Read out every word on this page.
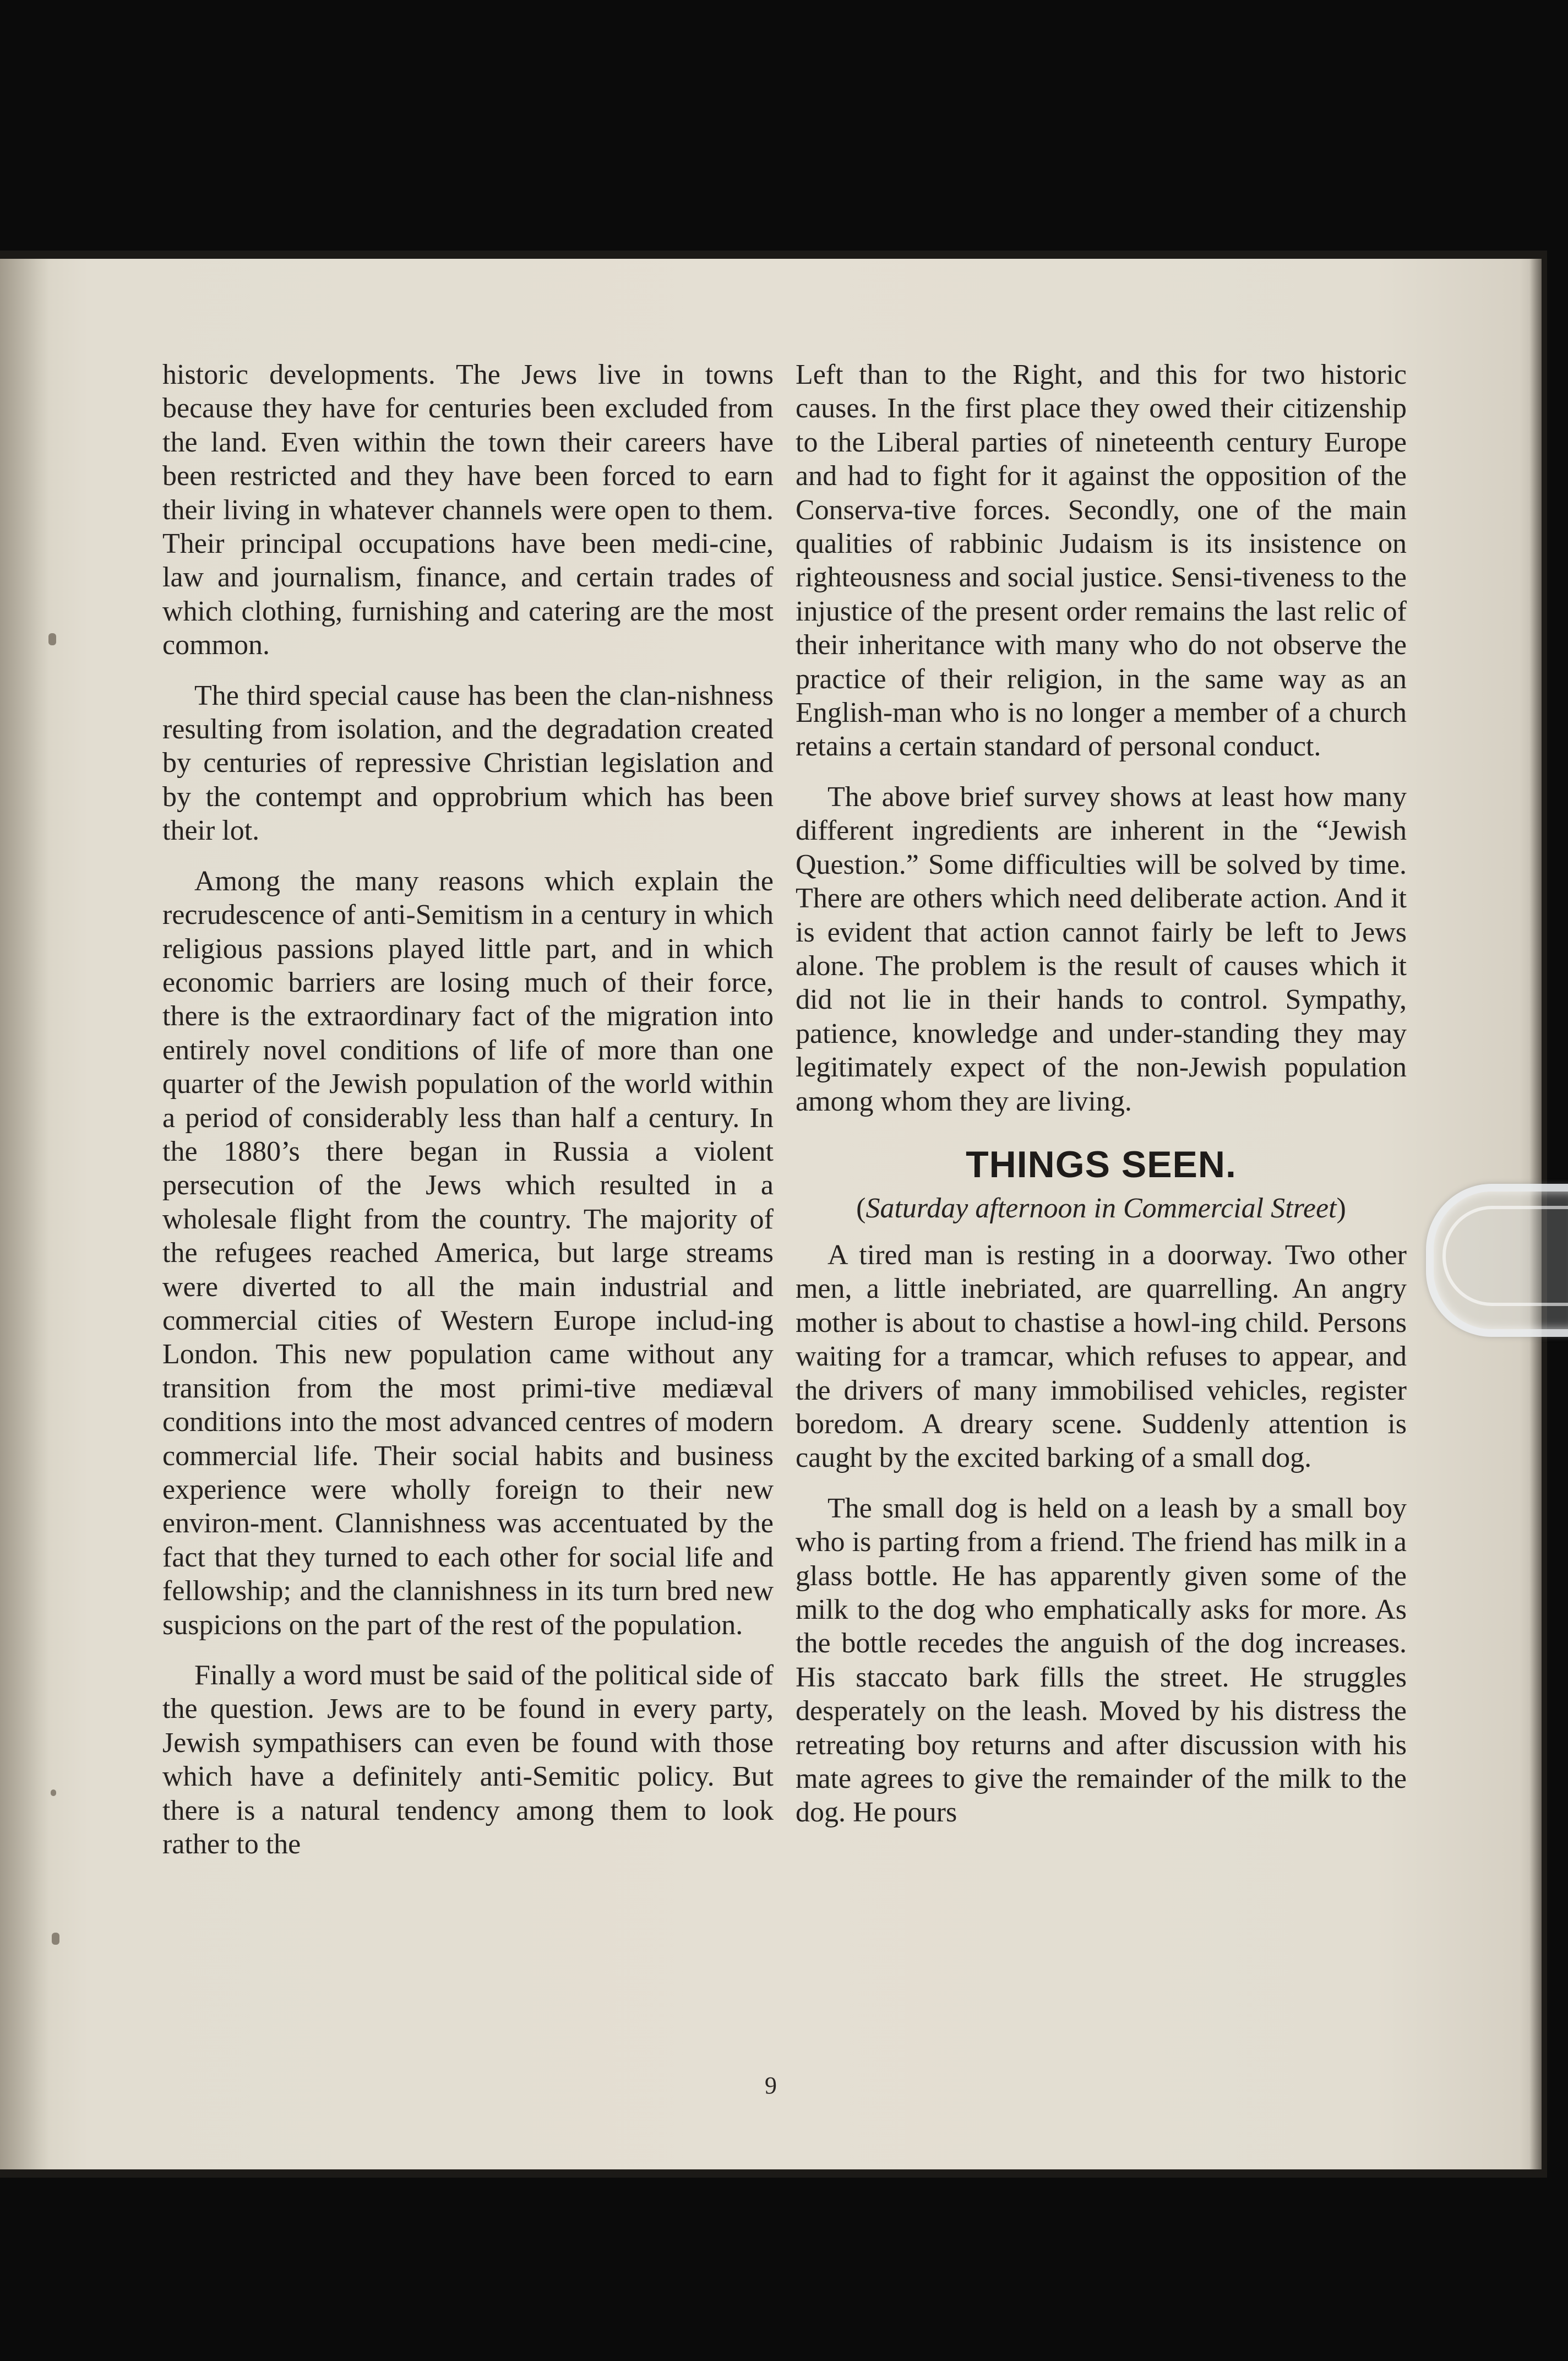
historic developments. The Jews live in towns because they have for centuries been excluded from the land. Even within the town their careers have been restricted and they have been forced to earn their living in whatever channels were open to them. Their principal occupations have been medi‐cine, law and journalism, finance, and certain trades of which clothing, furnishing and catering are the most common.

The third special cause has been the clan‐nishness resulting from isolation, and the degradation created by centuries of repressive Christian legislation and by the contempt and opprobrium which has been their lot.

Among the many reasons which explain the recrudescence of anti‐Semitism in a century in which religious passions played little part, and in which economic barriers are losing much of their force, there is the extraordinary fact of the migration into entirely novel conditions of life of more than one quarter of the Jewish population of the world within a period of considerably less than half a century. In the 1880’s there began in Russia a violent persecution of the Jews which resulted in a wholesale flight from the country. The majority of the refugees reached America, but large streams were diverted to all the main industrial and commercial cities of Western Europe includ‐ing London. This new population came without any transition from the most primi‐tive mediæval conditions into the most advanced centres of modern commercial life. Their social habits and business experience were wholly foreign to their new environ‐ment. Clannishness was accentuated by the fact that they turned to each other for social life and fellowship; and the clannishness in its turn bred new suspicions on the part of the rest of the population.

Finally a word must be said of the political side of the question. Jews are to be found in every party, Jewish sympathisers can even be found with those which have a definitely anti‐Semitic policy. But there is a natural tendency among them to look rather to the

Left than to the Right, and this for two historic causes. In the first place they owed their citizenship to the Liberal parties of nineteenth century Europe and had to fight for it against the opposition of the Conserva‐tive forces. Secondly, one of the main qualities of rabbinic Judaism is its insistence on righteousness and social justice. Sensi‐tiveness to the injustice of the present order remains the last relic of their inheritance with many who do not observe the practice of their religion, in the same way as an English‐man who is no longer a member of a church retains a certain standard of personal conduct.

The above brief survey shows at least how many different ingredients are inherent in the “Jewish Question.” Some difficulties will be solved by time. There are others which need deliberate action. And it is evident that action cannot fairly be left to Jews alone. The problem is the result of causes which it did not lie in their hands to control. Sympathy, patience, knowledge and under‐standing they may legitimately expect of the non‐Jewish population among whom they are living.

THINGS SEEN.
(Saturday afternoon in Commercial Street)

A tired man is resting in a doorway. Two other men, a little inebriated, are quarrelling. An angry mother is about to chastise a howl‐ing child. Persons waiting for a tramcar, which refuses to appear, and the drivers of many immobilised vehicles, register boredom. A dreary scene. Suddenly attention is caught by the excited barking of a small dog.

The small dog is held on a leash by a small boy who is parting from a friend. The friend has milk in a glass bottle. He has apparently given some of the milk to the dog who emphatically asks for more. As the bottle recedes the anguish of the dog increases. His staccato bark fills the street. He struggles desperately on the leash. Moved by his distress the retreating boy returns and after discussion with his mate agrees to give the remainder of the milk to the dog. He pours

9
